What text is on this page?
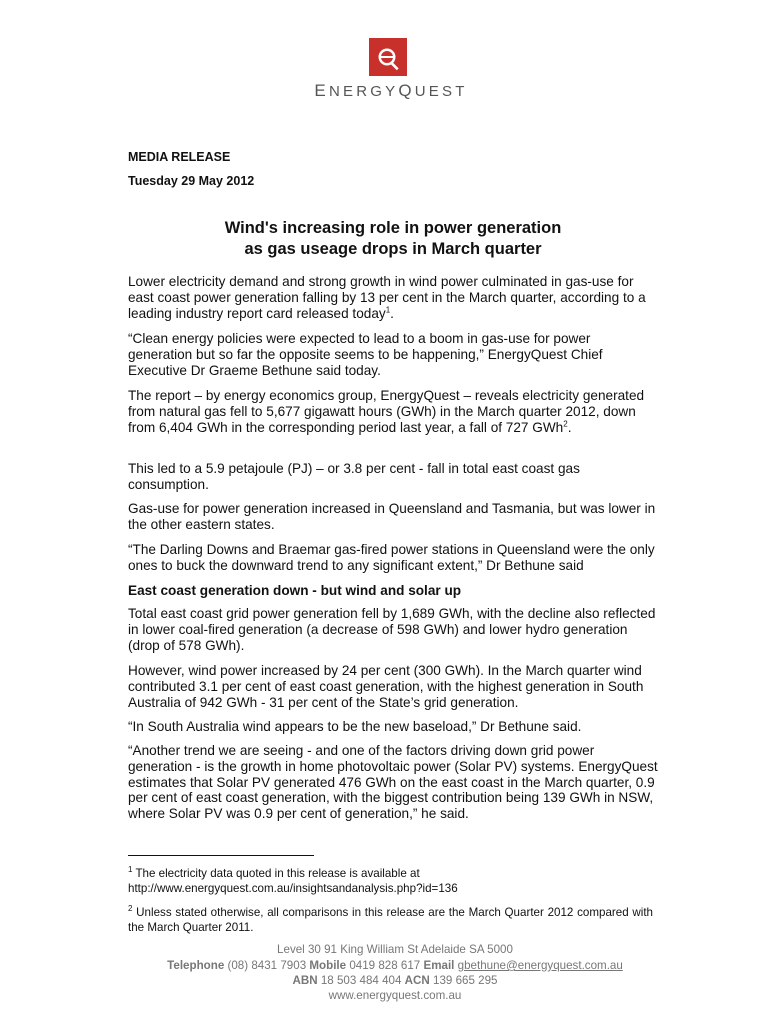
ENERGYQUEST
MEDIA RELEASE
Tuesday 29 May 2012
Wind's increasing role in power generation
as gas useage drops in March quarter

Lower electricity demand and strong growth in wind power culminated in gas-use for east coast power generation falling by 13 per cent in the March quarter, according to a leading industry report card released today$^1$.

“Clean energy policies were expected to lead to a boom in gas-use for power generation but so far the opposite seems to be happening,” EnergyQuest Chief Executive Dr Graeme Bethune said today.

The report – by energy economics group, EnergyQuest – reveals electricity generated from natural gas fell to 5,677 gigawatt hours (GWh) in the March quarter 2012, down from 6,404 GWh in the corresponding period last year, a fall of 727 GWh$^2$.

This led to a 5.9 petajoule (PJ) – or 3.8 per cent - fall in total east coast gas consumption.

Gas-use for power generation increased in Queensland and Tasmania, but was lower in the other eastern states.

“The Darling Downs and Braemar gas-fired power stations in Queensland were the only ones to buck the downward trend to any significant extent,” Dr Bethune said

East coast generation down - but wind and solar up

Total east coast grid power generation fell by 1,689 GWh, with the decline also reflected in lower coal-fired generation (a decrease of 598 GWh) and lower hydro generation (drop of 578 GWh).

However, wind power increased by 24 per cent (300 GWh). In the March quarter wind contributed 3.1 per cent of east coast generation, with the highest generation in South Australia of 942 GWh - 31 per cent of the State’s grid generation.

“In South Australia wind appears to be the new baseload,” Dr Bethune said.

“Another trend we are seeing - and one of the factors driving down grid power generation - is the growth in home photovoltaic power (Solar PV) systems. EnergyQuest estimates that Solar PV generated 476 GWh on the east coast in the March quarter, 0.9 per cent of east coast generation, with the biggest contribution being 139 GWh in NSW, where Solar PV was 0.9 per cent of generation,” he said.

$^1$ The electricity data quoted in this release is available at
http://www.energyquest.com.au/insightsandanalysis.php?id=136

$^2$ Unless stated otherwise, all comparisons in this release are the March Quarter 2012 compared with the March Quarter 2011.

Level 30 91 King William St Adelaide SA 5000
Telephone (08) 8431 7903 Mobile 0419 828 617 Email gbethune@energyquest.com.au
ABN 18 503 484 404 ACN 139 665 295
www.energyquest.com.au
